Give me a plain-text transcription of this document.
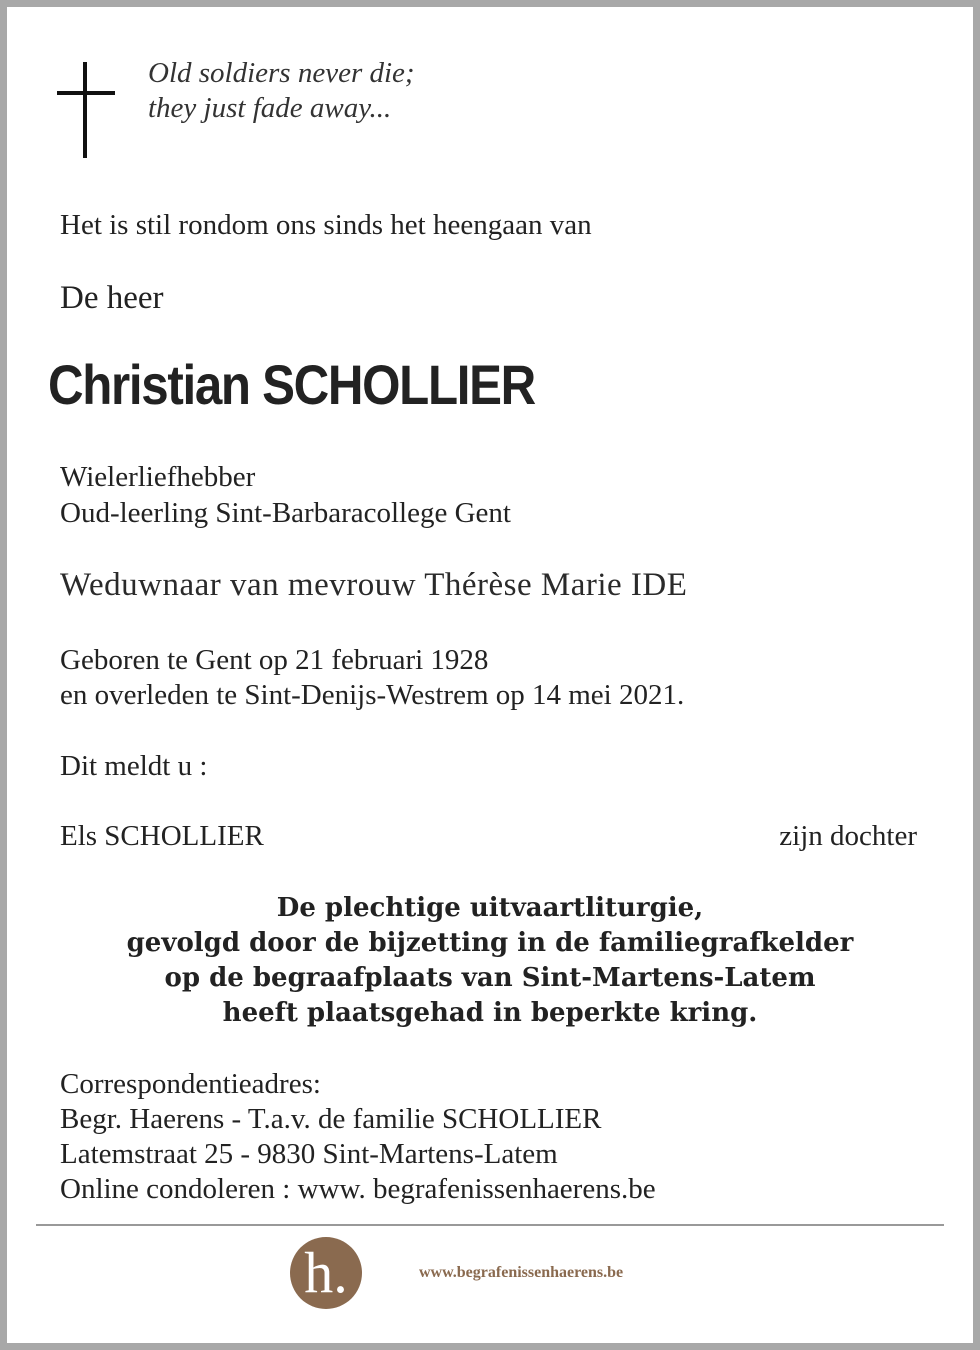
Old soldiers never die;
they just fade away...
Het is stil rondom ons sinds het heengaan van
De heer
Christian SCHOLLIER
Wielerliefhebber
Oud-leerling Sint-Barbaracollege Gent
Weduwnaar van mevrouw Thérèse Marie IDE
Geboren te Gent op 21 februari 1928
en overleden te Sint-Denijs-Westrem op 14 mei 2021.
Dit meldt u :
Els SCHOLLIER	zijn dochter
De plechtige uitvaartliturgie,
gevolgd door de bijzetting in de familiegrafkelder
op de begraafplaats van Sint-Martens-Latem
heeft plaatsgehad in beperkte kring.
Correspondentieadres:
Begr. Haerens - T.a.v. de familie SCHOLLIER
Latemstraat 25 - 9830 Sint-Martens-Latem
Online condoleren : www. begrafenissenhaerens.be
h.	www.begrafenissenhaerens.be
